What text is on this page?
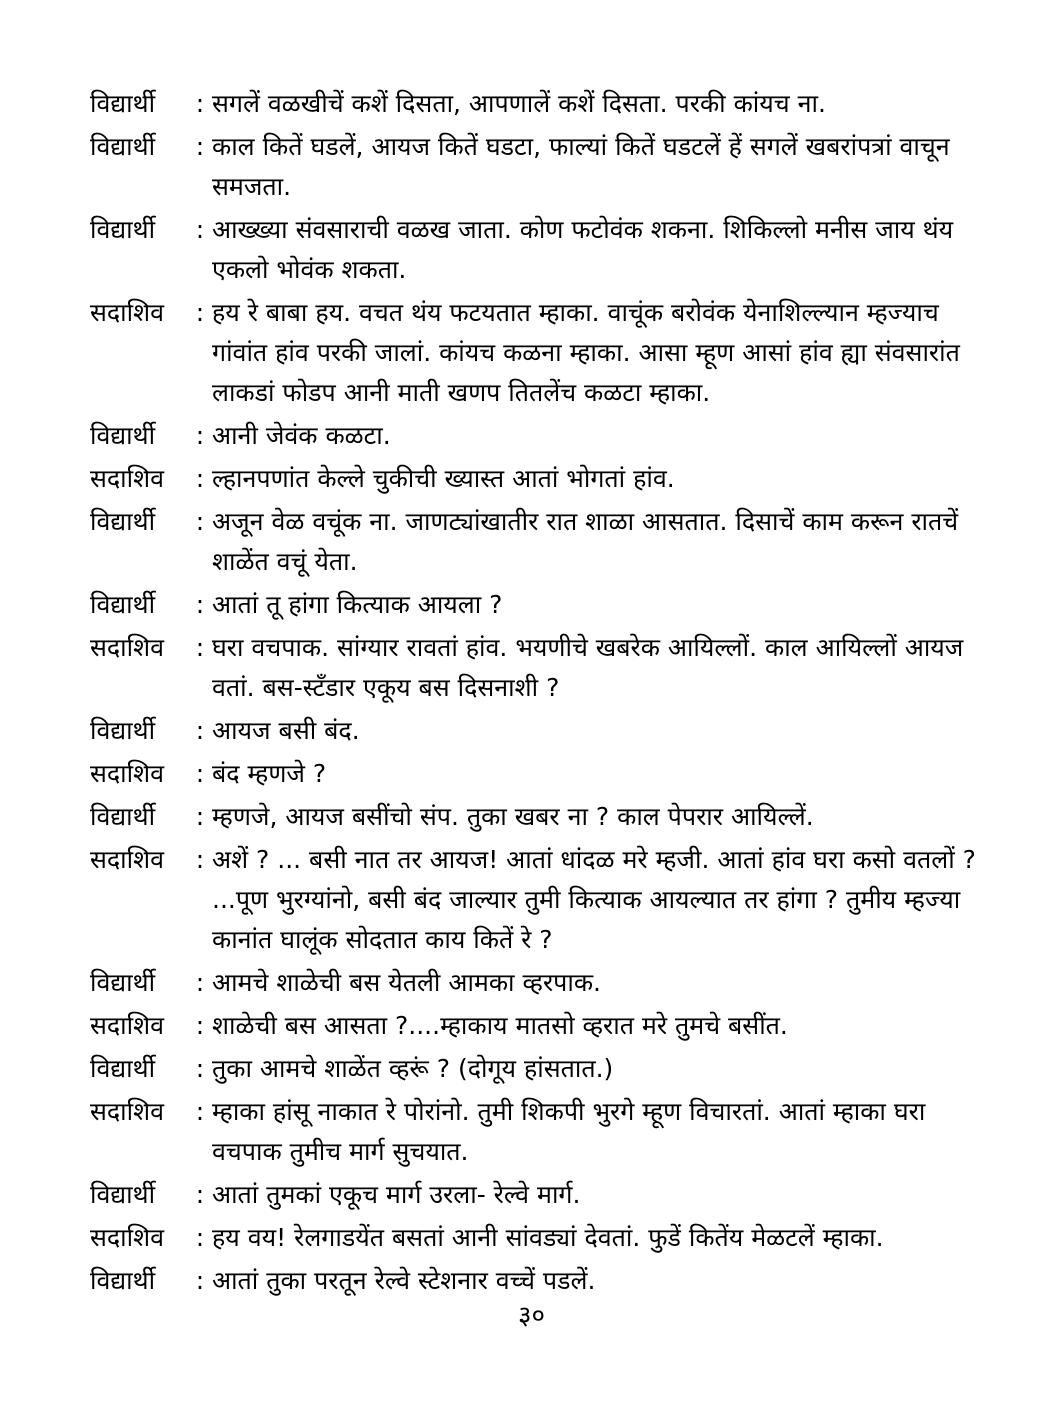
विद्यार्थी	: सगलें वळखीचें कशें दिसता, आपणालें कशें दिसता. परकी कांयच ना.
विद्यार्थी	: काल कितें घडलें, आयज कितें घडटा, फाल्यां कितें घडटलें हें सगलें खबरांपत्रां वाचून समजता.
विद्यार्थी	: आख्ख्या संवसाराची वळख जाता. कोण फटोवंक शकना. शिकिल्लो मनीस जाय थंय एकलो भोवंक शकता.
सदाशिव	: हय रे बाबा हय. वचत थंय फटयतात म्हाका. वाचूंक बरोवंक येनाशिल्ल्यान म्हज्याच गांवांत हांव परकी जालां. कांयच कळना म्हाका. आसा म्हूण आसां हांव ह्या संवसारांत लाकडां फोडप आनी माती खणप तितलेंच कळटा म्हाका.
विद्यार्थी	: आनी जेवंक कळटा.
सदाशिव	: ल्हानपणांत केल्ले चुकीची ख्यास्त आतां भोगतां हांव.
विद्यार्थी	: अजून वेळ वचूंक ना. जाणट्यांखातीर रात शाळा आसतात. दिसाचें काम करून रातचें शाळेंत वचूं येता.
विद्यार्थी	: आतां तू हांगा कित्याक आयला ?
सदाशिव	: घरा वचपाक. सांग्यार रावतां हांव. भयणीचे खबरेक आयिल्लों. काल आयिल्लों आयज वतां. बस-स्टँडार एकूय बस दिसनाशी ?
विद्यार्थी	: आयज बसी बंद.
सदाशिव	: बंद म्हणजे ?
विद्यार्थी	: म्हणजे, आयज बसींचो संप. तुका खबर ना ? काल पेपरार आयिल्लें.
सदाशिव	: अशें ? ... बसी नात तर आयज! आतां धांदळ मरे म्हजी. आतां हांव घरा कसो वतलों ? ...पूण भुरग्यांनो, बसी बंद जाल्यार तुमी कित्याक आयल्यात तर हांगा ? तुमीय म्हज्या कानांत घालूंक सोदतात काय कितें रे ?
विद्यार्थी	: आमचे शाळेची बस येतली आमका व्हरपाक.
सदाशिव	: शाळेची बस आसता ?....म्हाकाय मातसो व्हरात मरे तुमचे बसींत.
विद्यार्थी	: तुका आमचे शाळेंत व्हरूं ? (दोगूय हांसतात.)
सदाशिव	: म्हाका हांसू नाकात रे पोरांनो. तुमी शिकपी भुरगे म्हूण विचारतां. आतां म्हाका घरा वचपाक तुमीच मार्ग सुचयात.
विद्यार्थी	: आतां तुमकां एकूच मार्ग उरला- रेल्वे मार्ग.
सदाशिव	: हय वय! रेलगाडयेंत बसतां आनी सांवड्यां देवतां. फुडें कितेंय मेळटलें म्हाका.
विद्यार्थी	: आतां तुका परतून रेल्वे स्टेशनार वच्चें पडलें.
३०
